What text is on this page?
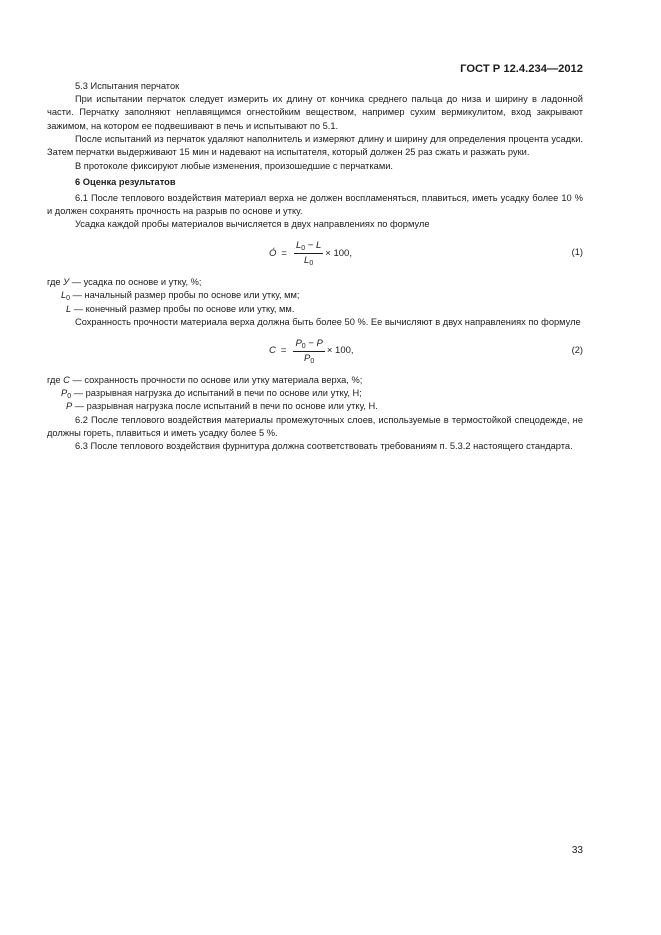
ГОСТ Р 12.4.234—2012

5.3 Испытания перчаток

При испытании перчаток следует измерить их длину от кончика среднего пальца до низа и ширину в ладонной части. Перчатку заполняют неплавящимся огнестойким веществом, например сухим вермикулитом, вход закрывают зажимом, на котором ее подвешивают в печь и испытывают по 5.1.

После испытаний из перчаток удаляют наполнитель и измеряют длину и ширину для определения процента усадки. Затем перчатки выдерживают 15 мин и надевают на испытателя, который должен 25 раз сжать и разжать руки.

В протоколе фиксируют любые изменения, произошедшие с перчатками.

6 Оценка результатов

6.1 После теплового воздействия материал верха не должен воспламеняться, плавиться, иметь усадку более 10 % и должен сохранять прочность на разрыв по основе и утку.

Усадка каждой пробы материалов вычисляется в двух направлениях по формуле

Ó = $\frac{L_0 - L}{L_0} \times 100$,	(1)

где У — усадка по основе и утку, %;

$L_0$ — начальный размер пробы по основе или утку, мм;

L — конечный размер пробы по основе или утку, мм.

Сохранность прочности материала верха должна быть более 50 %. Ее вычисляют в двух направлениях по формуле

$C = \frac{P_0 - P}{P_0} \times 100$,	(2)

где С — сохранность прочности по основе или утку материала верха, %;

$P_0$ — разрывная нагрузка до испытаний в печи по основе или утку, Н;

P — разрывная нагрузка после испытаний в печи по основе или утку, Н.

6.2 После теплового воздействия материалы промежуточных слоев, используемые в термостойкой спецодежде, не должны гореть, плавиться и иметь усадку более 5 %.

6.3 После теплового воздействия фурнитура должна соответствовать требованиям п. 5.3.2 настоящего стандарта.

33
